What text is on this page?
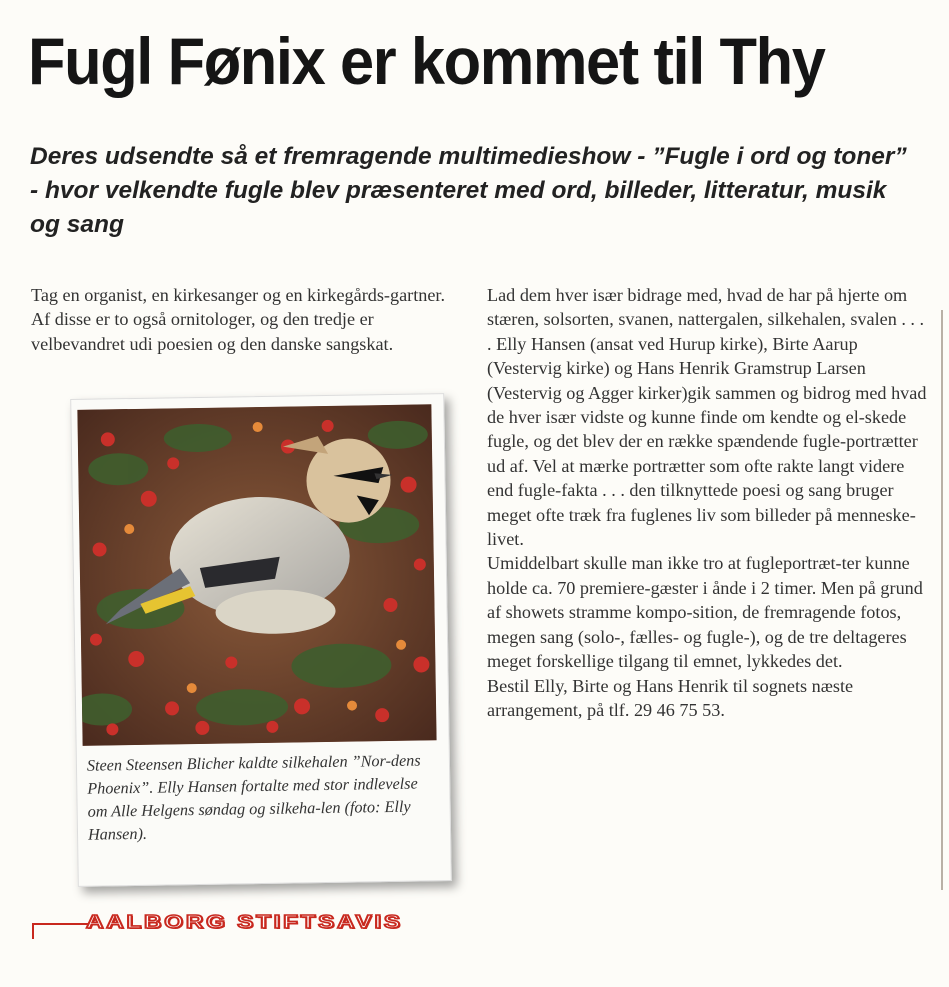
Fugl Fønix er kommet til Thy
Deres udsendte så et fremragende multimedieshow - ”Fugle i ord og toner” - hvor velkendte fugle blev præsenteret med ord, billeder, litteratur, musik og sang

Tag en organist, en kirkesanger og en kirkegårds-gartner. Af disse er to også ornitologer, og den tredje er velbevandret udi poesien og den danske sangskat.

Lad dem hver især bidrage med, hvad de har på hjerte om stæren, solsorten, svanen, nattergalen, silkehalen, svalen . . . . Elly Hansen (ansat ved Hurup kirke), Birte Aarup (Vestervig kirke) og Hans Henrik Gramstrup Larsen (Vestervig og Agger kirker)gik sammen og bidrog med hvad de hver især vidste og kunne finde om kendte og el-skede fugle, og det blev der en række spændende fugle-portrætter ud af. Vel at mærke portrætter som ofte rakte langt videre end fugle-fakta . . . den tilknyttede poesi og sang bruger meget ofte træk fra fuglenes liv som billeder på menneske-livet.

Umiddelbart skulle man ikke tro at fugleportræt-ter kunne holde ca. 70 premiere-gæster i ånde i 2 timer. Men på grund af showets stramme kompo-sition, de fremragende fotos, megen sang (solo-, fælles- og fugle-), og de tre deltageres meget forskellige tilgang til emnet, lykkedes det.

Bestil Elly, Birte og Hans Henrik til sognets næste arrangement, på tlf. 29 46 75 53.

Steen Steensen Blicher kaldte silkehalen ”Nor-dens Phoenix”. Elly Hansen fortalte med stor indlevelse om Alle Helgens søndag og silkeha-len (foto: Elly Hansen).
AALBORG STIFTSAVIS
